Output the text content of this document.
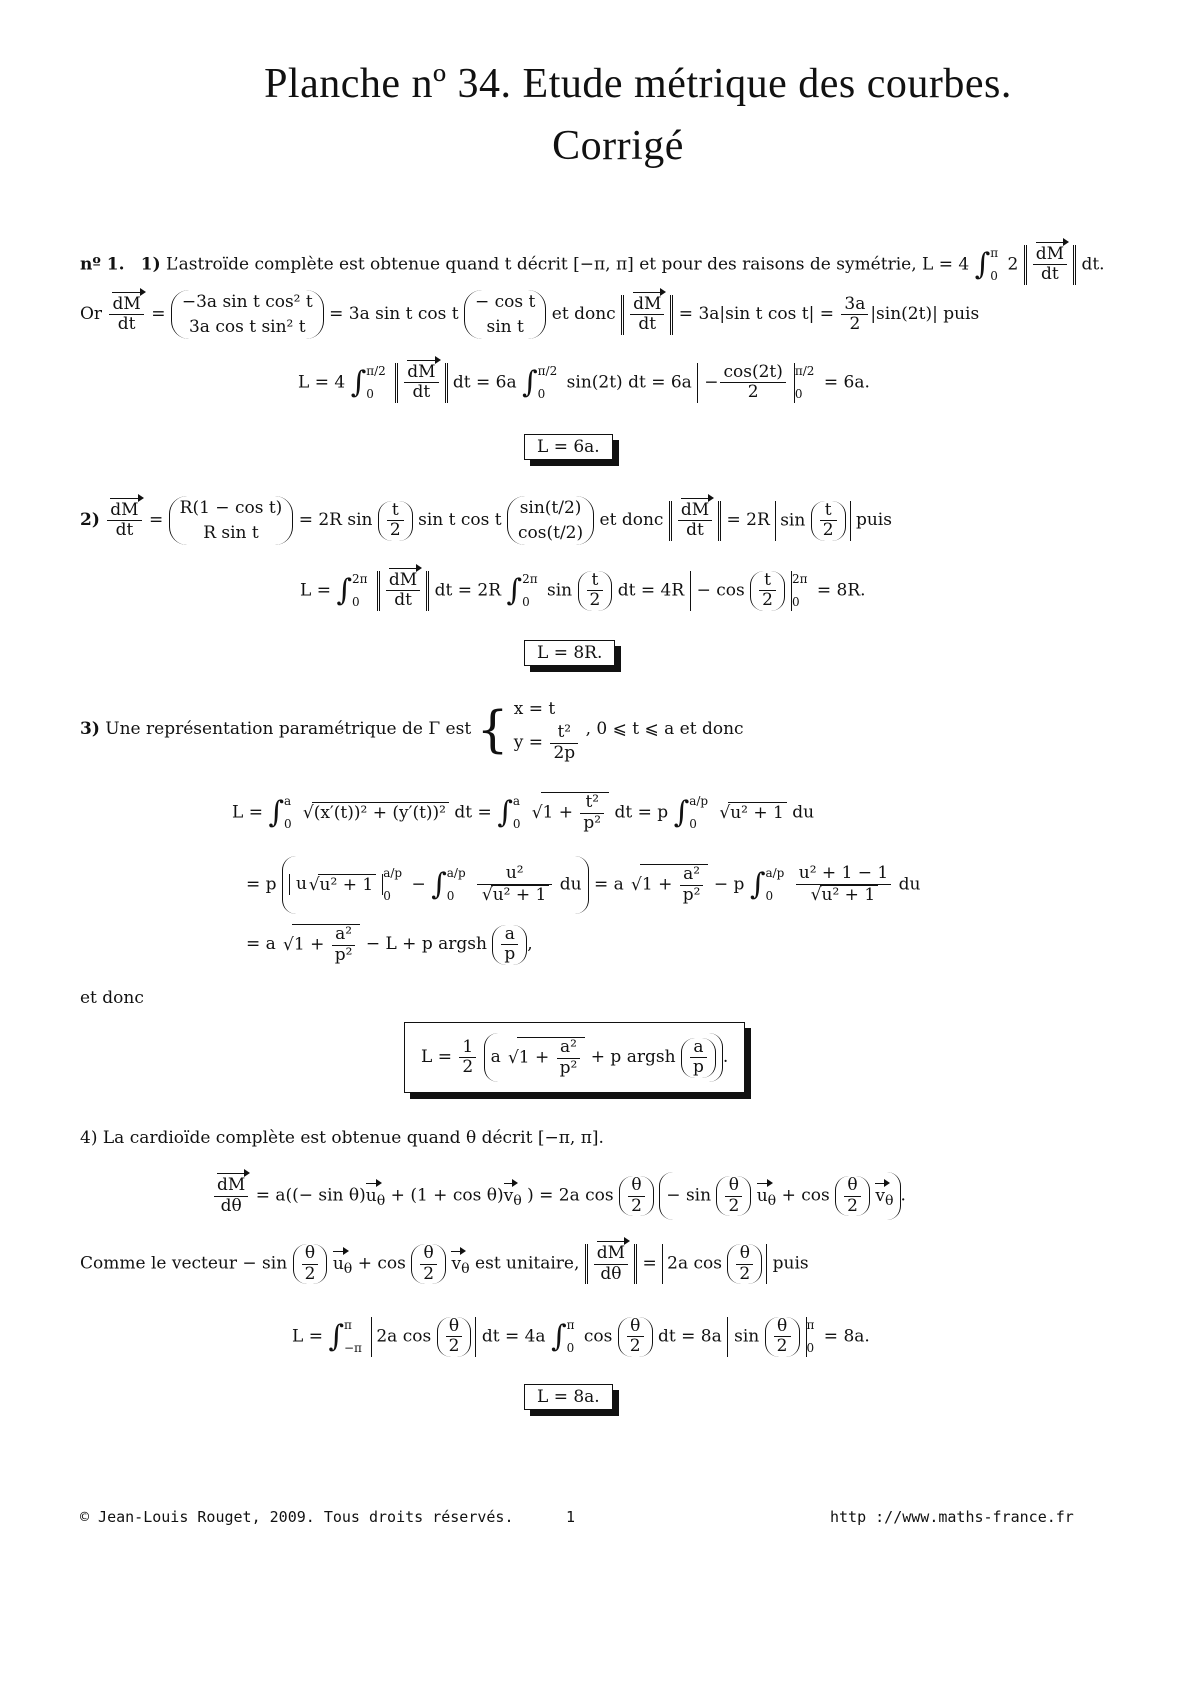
Planche nº 34. Etude métrique des courbes.
Corrigé
nº 1. 1) L’astroïde complète est obtenue quand t décrit [−π, π] et pour des raisons de symétrie, L = 4 ∫ π
0
$2 \frac{dM}{dt}$ dt.
Or $\frac{dM}{dt} = -3a$ sin t cos² t
3a cos t sin² t = 3a sin t cos t − cos t
sin t et donc $\frac{dM}{dt} = 3a|\sin$ t $\cos t| = \frac{3a}{2} |\sin(2t)|$ puis
L = 4 ∫ π/2
0
	$\frac{dM}{dt}$ dt = 6a ∫ π/2
0
sin(2t) dt = $6a - \frac{\cos(2t)}{2} \pi/2$
0
= 6a.
L = 6a.
$2) \frac{dM}{dt} = R(1 - \cos t)$
R sin t = 2R $\sin \frac{t}{2}$ sin t cos t sin(t/2)
cos(t/2) et donc $\frac{dM}{dt} = 2R$ $\sin \frac{t}{2}$ puis
L = ∫ 2π
0
	$\frac{dM}{dt}$ dt = 2R ∫ 2π
0
$\sin \frac{t}{2}$ dt = $4R - \cos \frac{t}{2} 2\pi$
0
= 8R.
L = 8R.
3) Une représentation paramétrique de Γ est { x = t
$y = \frac{\text{t²}}{2p}$ , 0 ⩽ t ⩽ a et donc
L = ∫ a
0
√ (x′(t))² + (y′(t))² dt = ∫ a
0
√ $1 + \frac{\text{t²}}{\text{p²}}$ dt = p ∫ a/p
0
√ u² + 1 du
= p u √ u² + 1
a/p
0
− ∫ a/p
0
	u²
√ u² + 1 du = a √ $1 + \frac{\text{a²}}{\text{p²}} - p$ ∫ a/p
0
	u² + 1 − 1
√ u² + 1 du
= a √ $1 + \frac{\text{a²}}{\text{p²}} - L + p$ argsh $\frac{a}{p}$ ,
et donc
$L = \frac{1}{2}$ a √ $1 + \frac{\text{a²}}{\text{p²}} + p$ argsh $\frac{a}{p}$ .
4) La cardioïde complète est obtenue quand θ décrit [−π, π].
$\frac{dM}{d\theta} = a((- \sin \theta)u_\theta + (1 + \cos \theta)v_\theta$ ) = 2a $\cos \frac{\theta}{2} - \sin \frac{\theta}{2} u_\theta + \cos \frac{\theta}{2} v_\theta$ .
Comme le vecteur − $\sin \frac{\theta}{2} u_\theta + \cos \frac{\theta}{2} v_\theta$ est unitaire, $\frac{dM}{d\theta} = 2a$ $\cos \frac{\theta}{2}$ puis
L = ∫ π
−π
2a $\cos \frac{\theta}{2}$ dt = 4a ∫ π
0
$\cos \frac{\theta}{2}$ dt = 8a $\sin \frac{\theta}{2}$ π
0
= 8a.
L = 8a.
© Jean-Louis Rouget, 2009. Tous droits réservés.	1	http ://www.maths-france.fr
